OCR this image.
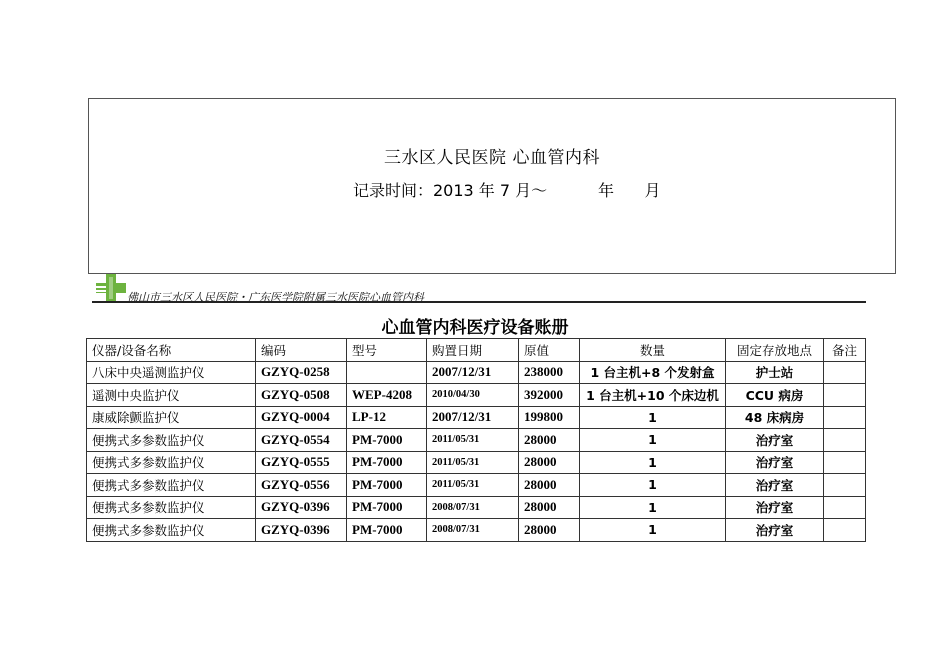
三水区人民医院 心血管内科
记录时间：2013 年 7 月～          年      月
佛山市三水区人民医院・广东医学院附属三水医院心血管内科
心血管内科医疗设备账册
仪器/设备名称	编码	型号	购置日期	原值	数量	固定存放地点	备注
八床中央遥测监护仪	GZYQ-0258		2007/12/31	238000	1 台主机+8 个发射盒	护士站	
遥测中央监护仪	GZYQ-0508	WEP-4208	2010/04/30	392000	1 台主机+10 个床边机	CCU 病房	
康威除颤监护仪	GZYQ-0004	LP-12	2007/12/31	199800	1	48 床病房	
便携式多参数监护仪	GZYQ-0554	PM-7000	2011/05/31	28000	1	治疗室	
便携式多参数监护仪	GZYQ-0555	PM-7000	2011/05/31	28000	1	治疗室	
便携式多参数监护仪	GZYQ-0556	PM-7000	2011/05/31	28000	1	治疗室	
便携式多参数监护仪	GZYQ-0396	PM-7000	2008/07/31	28000	1	治疗室	
便携式多参数监护仪	GZYQ-0396	PM-7000	2008/07/31	28000	1	治疗室	
